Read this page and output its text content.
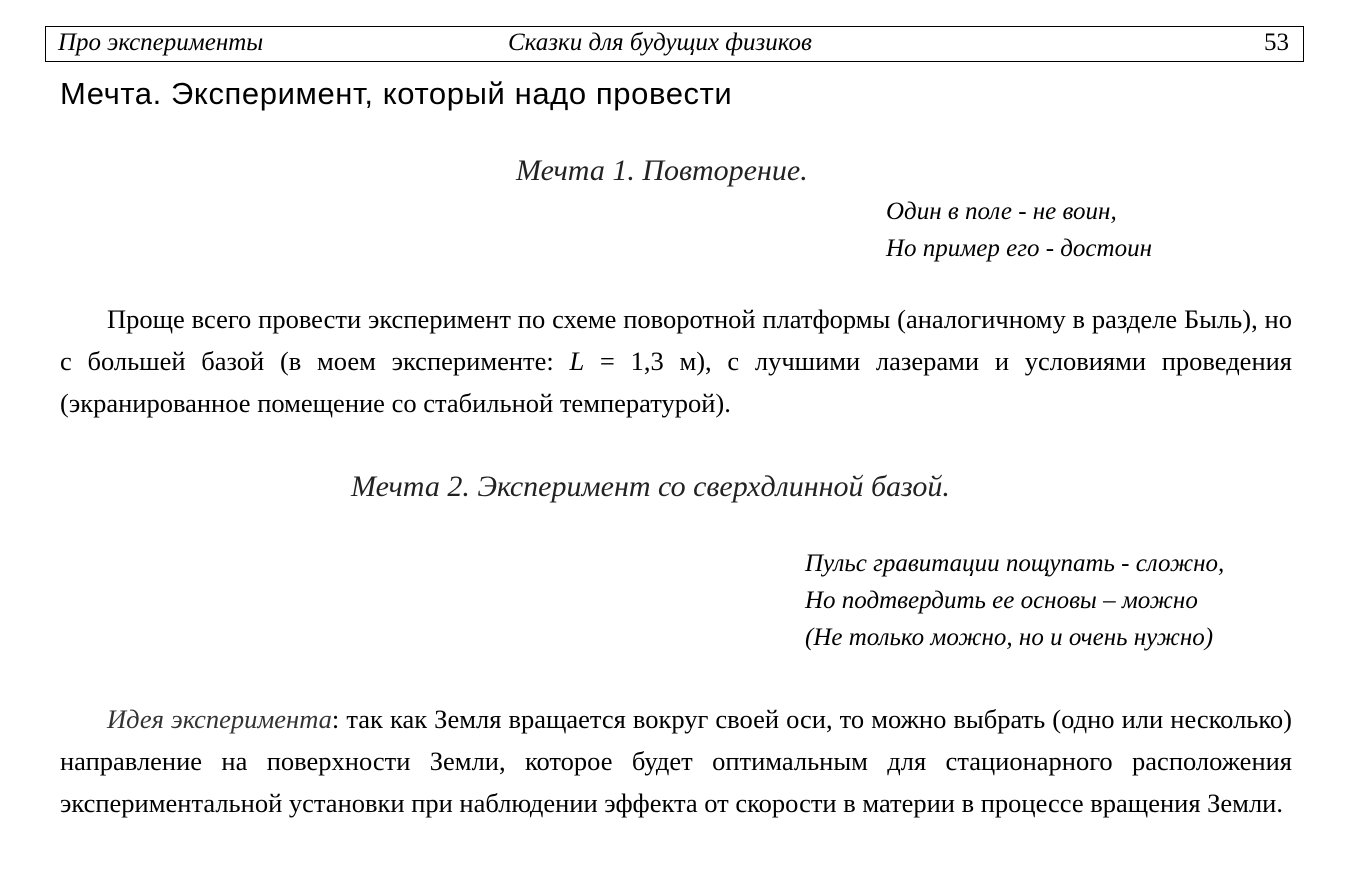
Про эксперименты	Сказки для будущих физиков	53
Мечта. Эксперимент, который надо провести
Мечта 1. Повторение.
Один в поле - не воин,
Но пример его - достоин
Проще всего провести эксперимент по схеме поворотной платформы (аналогичному в разделе Быль), но с большей базой (в моем эксперименте: L = 1,3 м), с лучшими лазерами и условиями проведения (экранированное помещение со стабильной температурой).
Мечта 2. Эксперимент со сверхдлинной базой.
Пульс гравитации пощупать - сложно,
Но подтвердить ее основы – можно
(Не только можно, но и очень нужно)
Идея эксперимента: так как Земля вращается вокруг своей оси, то можно выбрать (одно или несколько) направление на поверхности Земли, которое будет оптимальным для стационарного расположения экспериментальной установки при наблюдении эффекта от скорости в материи в процессе вращения Земли.
